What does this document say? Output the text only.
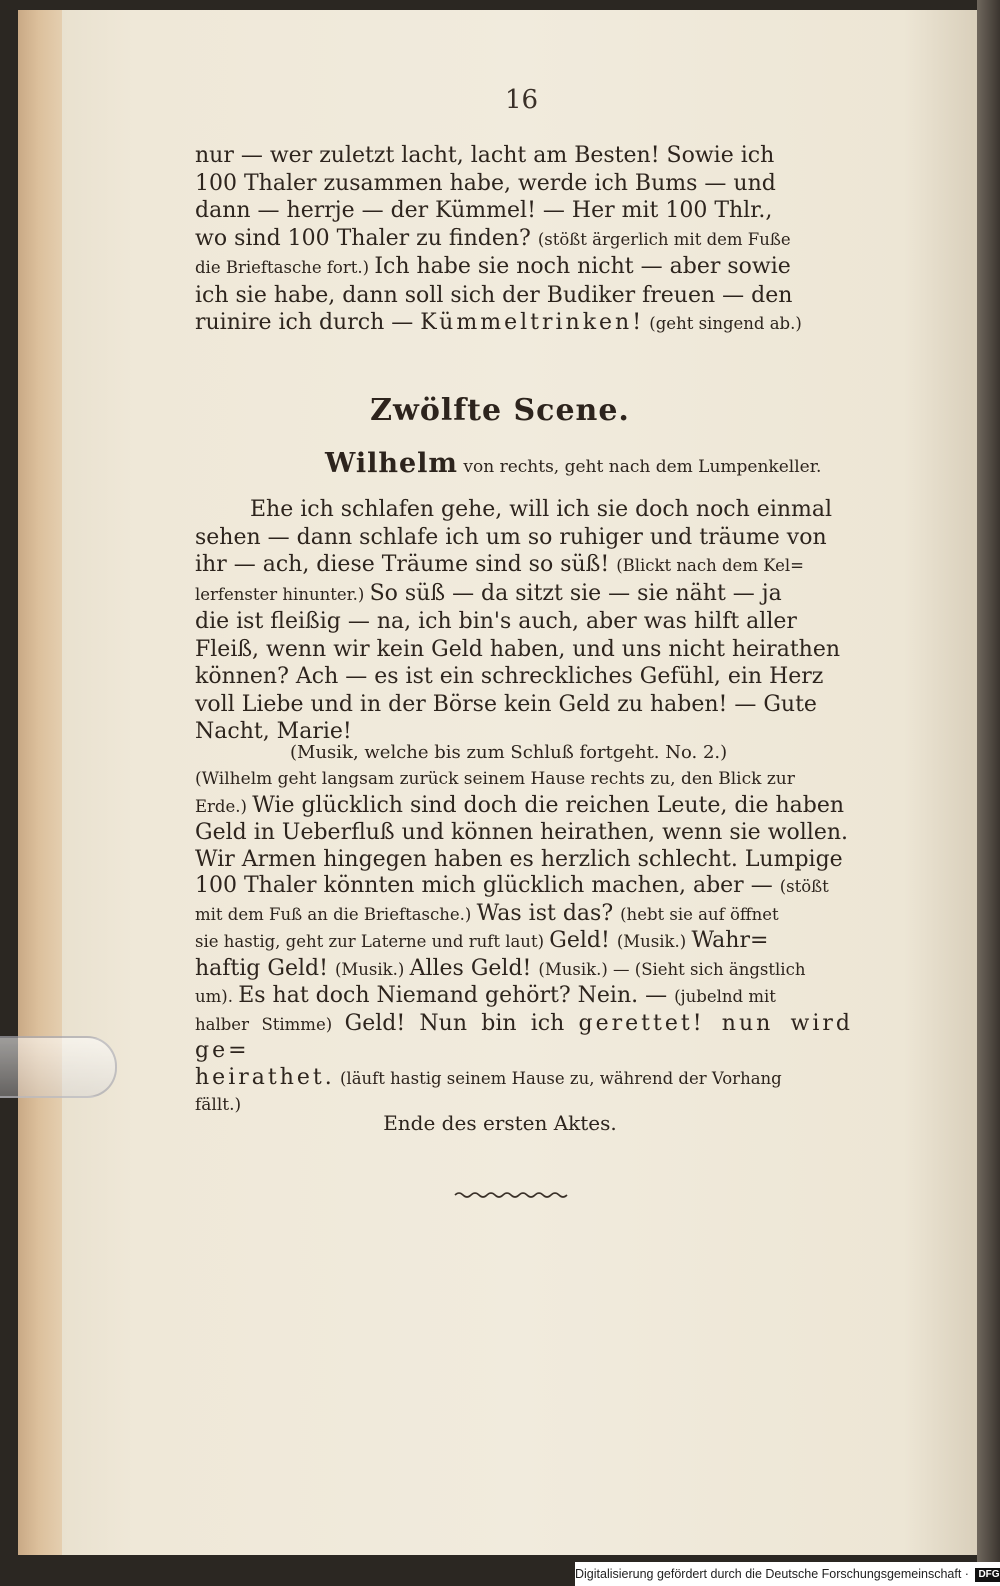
16

nur — wer zuletzt lacht, lacht am Besten! Sowie ich

100 Thaler zusammen habe, werde ich Bums — und

dann — herrje — der Kümmel! — Her mit 100 Thlr.,

wo sind 100 Thaler zu finden? (stößt ärgerlich mit dem Fuße

die Brieftasche fort.) Ich habe sie noch nicht — aber sowie

ich sie habe, dann soll sich der Budiker freuen — den

ruinire ich durch — Kümmeltrinken! (geht singend ab.)

Zwölfte Scene.
Wilhelm von rechts, geht nach dem Lumpenkeller.

Ehe ich schlafen gehe, will ich sie doch noch einmal

sehen — dann schlafe ich um so ruhiger und träume von

ihr — ach, diese Träume sind so süß! (Blickt nach dem Kel=

lerfenster hinunter.) So süß — da sitzt sie — sie näht — ja

die ist fleißig — na, ich bin's auch, aber was hilft aller

Fleiß, wenn wir kein Geld haben, und uns nicht heirathen

können? Ach — es ist ein schreckliches Gefühl, ein Herz

voll Liebe und in der Börse kein Geld zu haben! — Gute

Nacht, Marie!

(Musik, welche bis zum Schluß fortgeht. No. 2.)

(Wilhelm geht langsam zurück seinem Hause rechts zu, den Blick zur

Erde.) Wie glücklich sind doch die reichen Leute, die haben

Geld in Ueberfluß und können heirathen, wenn sie wollen.

Wir Armen hingegen haben es herzlich schlecht. Lumpige

100 Thaler könnten mich glücklich machen, aber — (stößt

mit dem Fuß an die Brieftasche.) Was ist das? (hebt sie auf öffnet

sie hastig, geht zur Laterne und ruft laut) Geld! (Musik.) Wahr=

haftig Geld! (Musik.) Alles Geld! (Musik.) — (Sieht sich ängstlich

um). Es hat doch Niemand gehört? Nein. — (jubelnd mit

halber Stimme) Geld! Nun bin ich gerettet! nun wird ge=

heirathet. (läuft hastig seinem Hause zu, während der Vorhang

fällt.)

Ende des ersten Aktes.
Digitalisierung gefördert durch die Deutsche Forschungsgemeinschaft · DFG
